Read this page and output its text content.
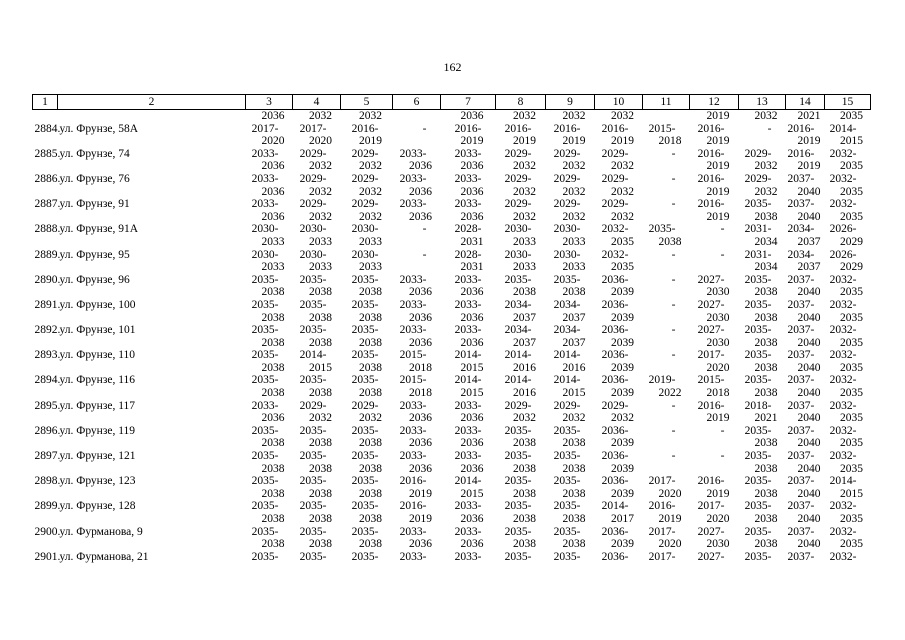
162
1	2	3	4	5	6	7	8	9	10	11	12	13	14	15
		2036	2032	2032		2036	2032	2032	2032		2019	2032	2021	2035
2884.	ул. Фрунзе, 58А	2017-	2017-	2016-	-	2016-	2016-	2016-	2016-	2015-	2016-	-	2016-	2014-
		2020	2020	2019		2019	2019	2019	2019	2018	2019		2019	2015
2885.	ул. Фрунзе, 74	2033-	2029-	2029-	2033-	2033-	2029-	2029-	2029-	-	2016-	2029-	2016-	2032-
		2036	2032	2032	2036	2036	2032	2032	2032		2019	2032	2019	2035
2886.	ул. Фрунзе, 76	2033-	2029-	2029-	2033-	2033-	2029-	2029-	2029-	-	2016-	2029-	2037-	2032-
		2036	2032	2032	2036	2036	2032	2032	2032		2019	2032	2040	2035
2887.	ул. Фрунзе, 91	2033-	2029-	2029-	2033-	2033-	2029-	2029-	2029-	-	2016-	2035-	2037-	2032-
		2036	2032	2032	2036	2036	2032	2032	2032		2019	2038	2040	2035
2888.	ул. Фрунзе, 91А	2030-	2030-	2030-	-	2028-	2030-	2030-	2032-	2035-	-	2031-	2034-	2026-
		2033	2033	2033		2031	2033	2033	2035	2038		2034	2037	2029
2889.	ул. Фрунзе, 95	2030-	2030-	2030-	-	2028-	2030-	2030-	2032-	-	-	2031-	2034-	2026-
		2033	2033	2033		2031	2033	2033	2035			2034	2037	2029
2890.	ул. Фрунзе, 96	2035-	2035-	2035-	2033-	2033-	2035-	2035-	2036-	-	2027-	2035-	2037-	2032-
		2038	2038	2038	2036	2036	2038	2038	2039		2030	2038	2040	2035
2891.	ул. Фрунзе, 100	2035-	2035-	2035-	2033-	2033-	2034-	2034-	2036-	-	2027-	2035-	2037-	2032-
		2038	2038	2038	2036	2036	2037	2037	2039		2030	2038	2040	2035
2892.	ул. Фрунзе, 101	2035-	2035-	2035-	2033-	2033-	2034-	2034-	2036-	-	2027-	2035-	2037-	2032-
		2038	2038	2038	2036	2036	2037	2037	2039		2030	2038	2040	2035
2893.	ул. Фрунзе, 110	2035-	2014-	2035-	2015-	2014-	2014-	2014-	2036-	-	2017-	2035-	2037-	2032-
		2038	2015	2038	2018	2015	2016	2016	2039		2020	2038	2040	2035
2894.	ул. Фрунзе, 116	2035-	2035-	2035-	2015-	2014-	2014-	2014-	2036-	2019-	2015-	2035-	2037-	2032-
		2038	2038	2038	2018	2015	2016	2015	2039	2022	2018	2038	2040	2035
2895.	ул. Фрунзе, 117	2033-	2029-	2029-	2033-	2033-	2029-	2029-	2029-	-	2016-	2018-	2037-	2032-
		2036	2032	2032	2036	2036	2032	2032	2032		2019	2021	2040	2035
2896.	ул. Фрунзе, 119	2035-	2035-	2035-	2033-	2033-	2035-	2035-	2036-	-	-	2035-	2037-	2032-
		2038	2038	2038	2036	2036	2038	2038	2039			2038	2040	2035
2897.	ул. Фрунзе, 121	2035-	2035-	2035-	2033-	2033-	2035-	2035-	2036-	-	-	2035-	2037-	2032-
		2038	2038	2038	2036	2036	2038	2038	2039			2038	2040	2035
2898.	ул. Фрунзе, 123	2035-	2035-	2035-	2016-	2014-	2035-	2035-	2036-	2017-	2016-	2035-	2037-	2014-
		2038	2038	2038	2019	2015	2038	2038	2039	2020	2019	2038	2040	2015
2899.	ул. Фрунзе, 128	2035-	2035-	2035-	2016-	2033-	2035-	2035-	2014-	2016-	2017-	2035-	2037-	2032-
		2038	2038	2038	2019	2036	2038	2038	2017	2019	2020	2038	2040	2035
2900.	ул. Фурманова, 9	2035-	2035-	2035-	2033-	2033-	2035-	2035-	2036-	2017-	2027-	2035-	2037-	2032-
		2038	2038	2038	2036	2036	2038	2038	2039	2020	2030	2038	2040	2035
2901.	ул. Фурманова, 21	2035-	2035-	2035-	2033-	2033-	2035-	2035-	2036-	2017-	2027-	2035-	2037-	2032-
